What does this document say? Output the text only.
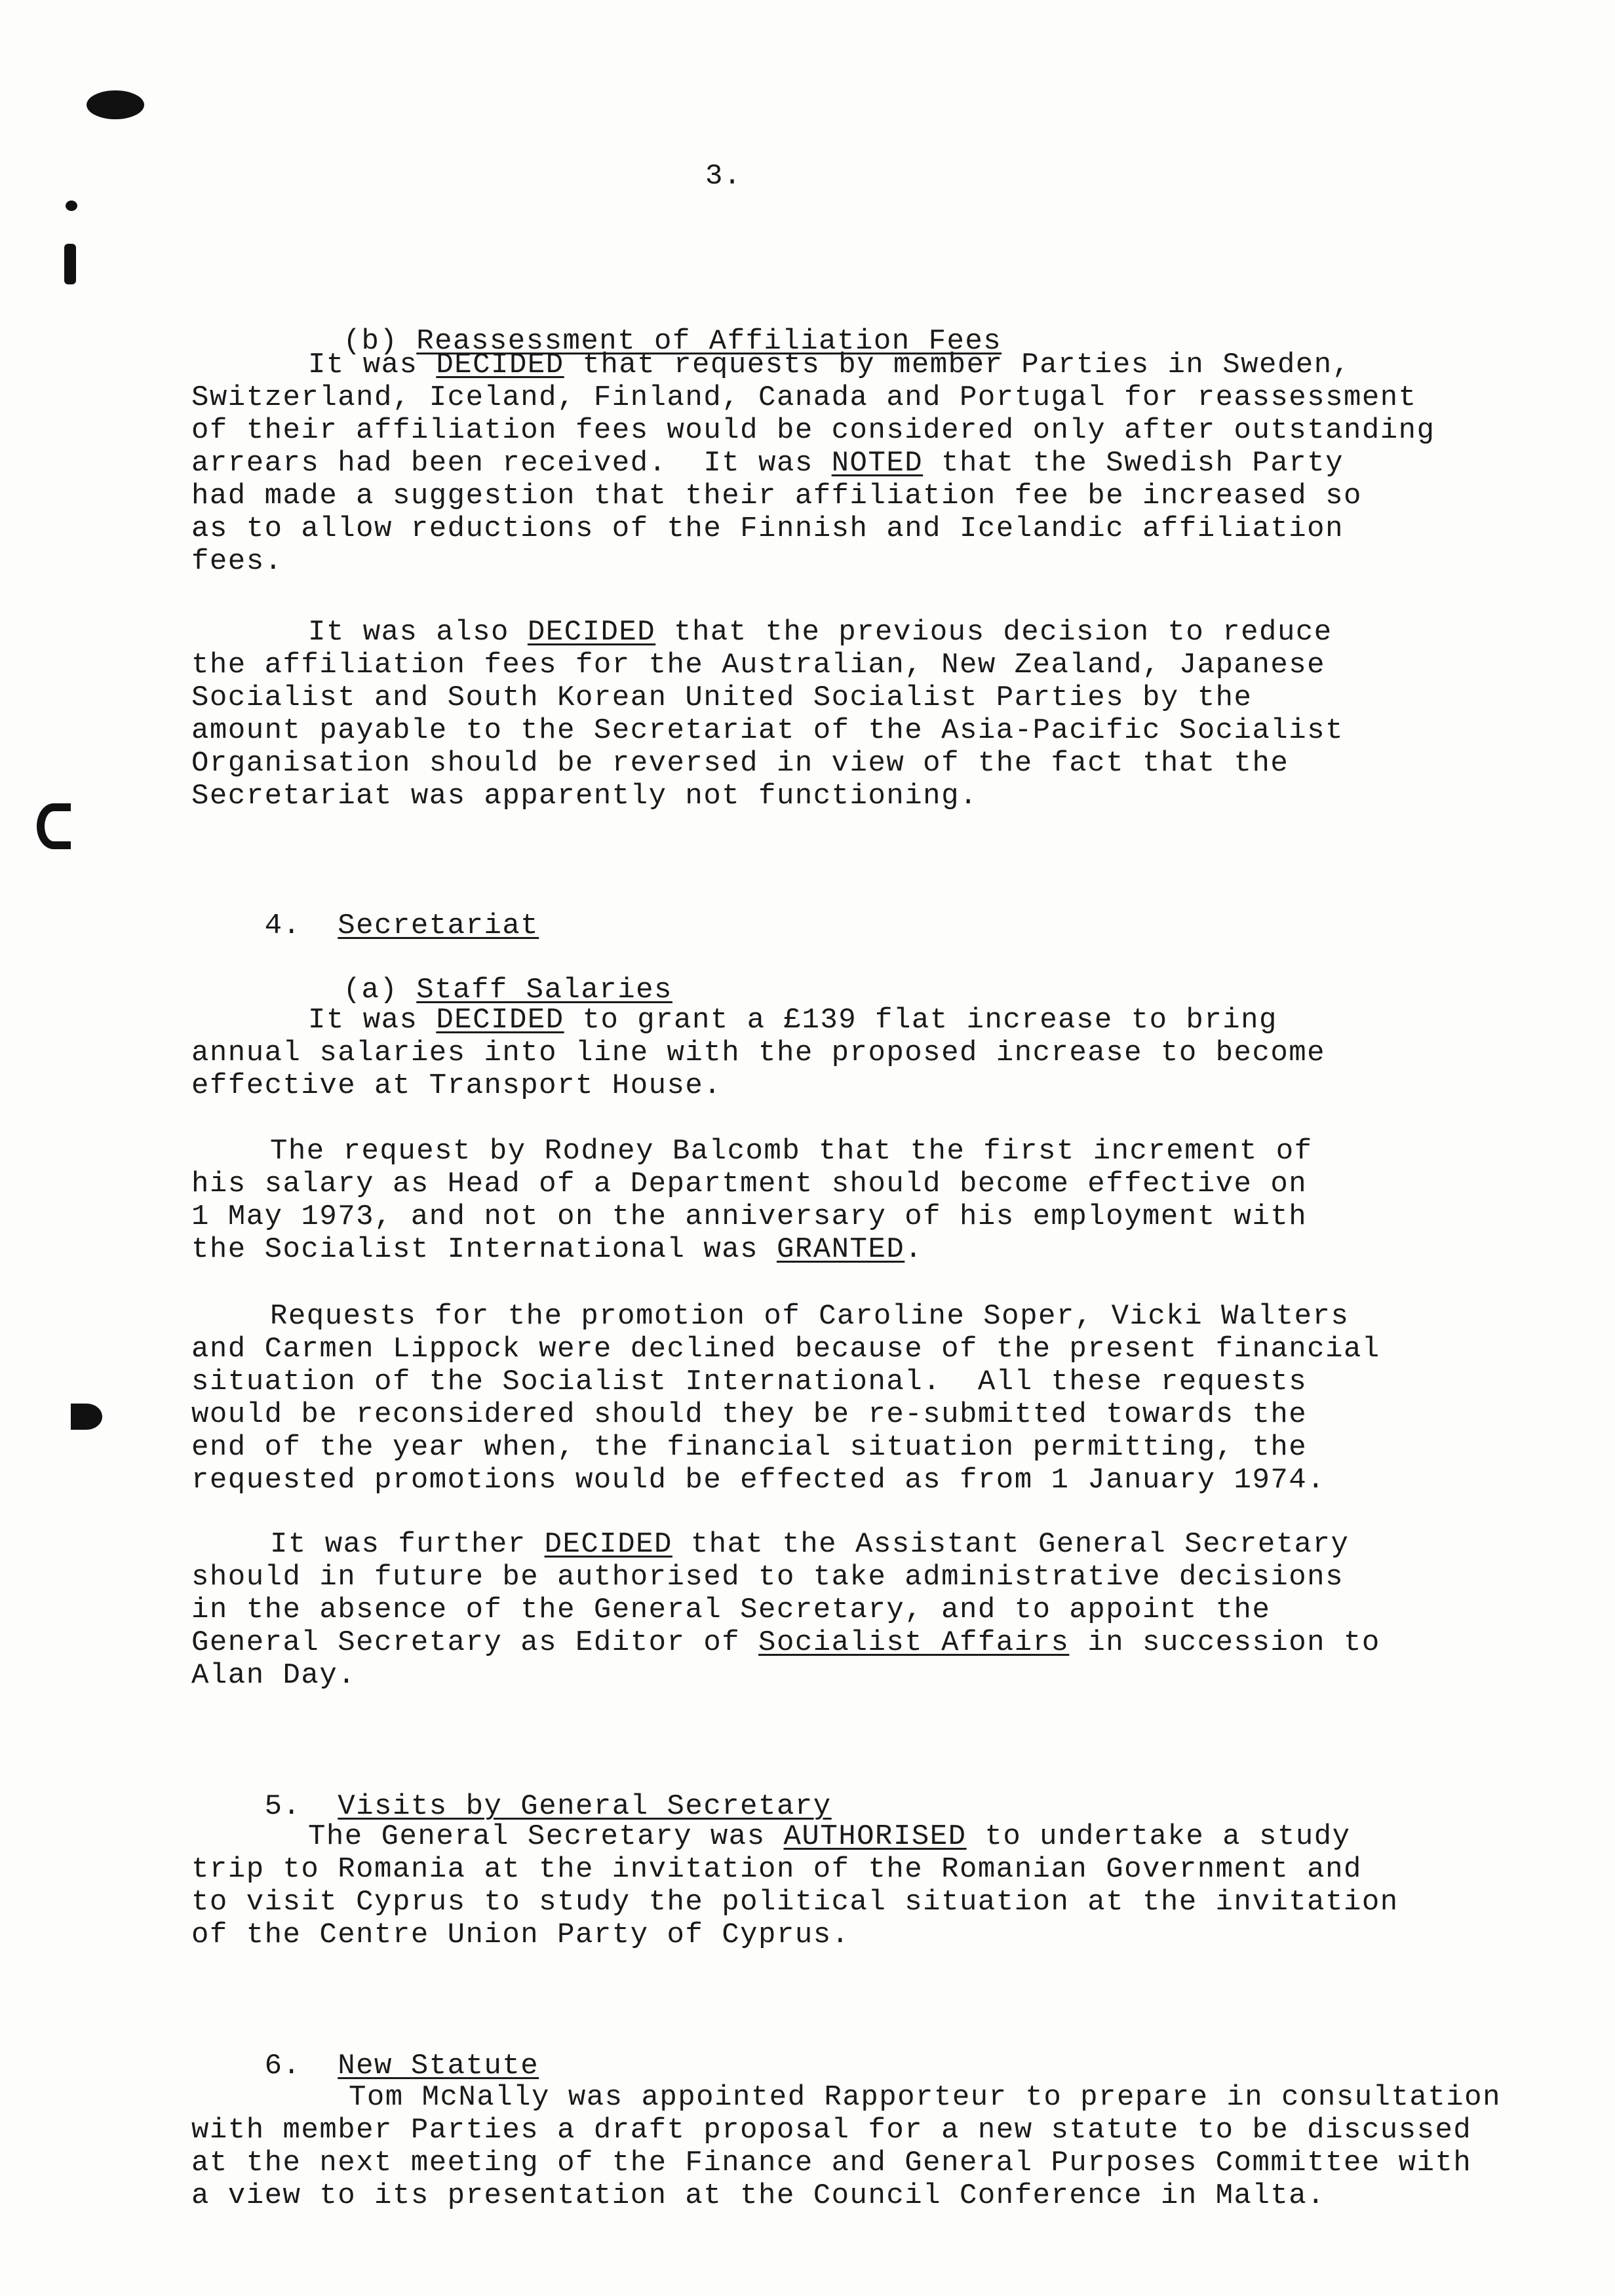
3.

(b) Reassessment of Affiliation Fees

It was DECIDED that requests by member Parties in Sweden,
Switzerland, Iceland, Finland, Canada and Portugal for reassessment
of their affiliation fees would be considered only after outstanding
arrears had been received.  It was NOTED that the Swedish Party
had made a suggestion that their affiliation fee be increased so
as to allow reductions of the Finnish and Icelandic affiliation
fees.
It was also DECIDED that the previous decision to reduce
the affiliation fees for the Australian, New Zealand, Japanese
Socialist and South Korean United Socialist Parties by the
amount payable to the Secretariat of the Asia-Pacific Socialist
Organisation should be reversed in view of the fact that the
Secretariat was apparently not functioning.

4. Secretariat

(a) Staff Salaries

It was DECIDED to grant a £139 flat increase to bring
annual salaries into line with the proposed increase to become
effective at Transport House.
The request by Rodney Balcomb that the first increment of
his salary as Head of a Department should become effective on
1 May 1973, and not on the anniversary of his employment with
the Socialist International was GRANTED.
Requests for the promotion of Caroline Soper, Vicki Walters
and Carmen Lippock were declined because of the present financial
situation of the Socialist International.  All these requests
would be reconsidered should they be re-submitted towards the
end of the year when, the financial situation permitting, the
requested promotions would be effected as from 1 January 1974.
It was further DECIDED that the Assistant General Secretary
should in future be authorised to take administrative decisions
in the absence of the General Secretary, and to appoint the
General Secretary as Editor of Socialist Affairs in succession to
Alan Day.

5. Visits by General Secretary

The General Secretary was AUTHORISED to undertake a study
trip to Romania at the invitation of the Romanian Government and
to visit Cyprus to study the political situation at the invitation
of the Centre Union Party of Cyprus.

6. New Statute

Tom McNally was appointed Rapporteur to prepare in consultation
with member Parties a draft proposal for a new statute to be discussed
at the next meeting of the Finance and General Purposes Committee with
a view to its presentation at the Council Conference in Malta.
